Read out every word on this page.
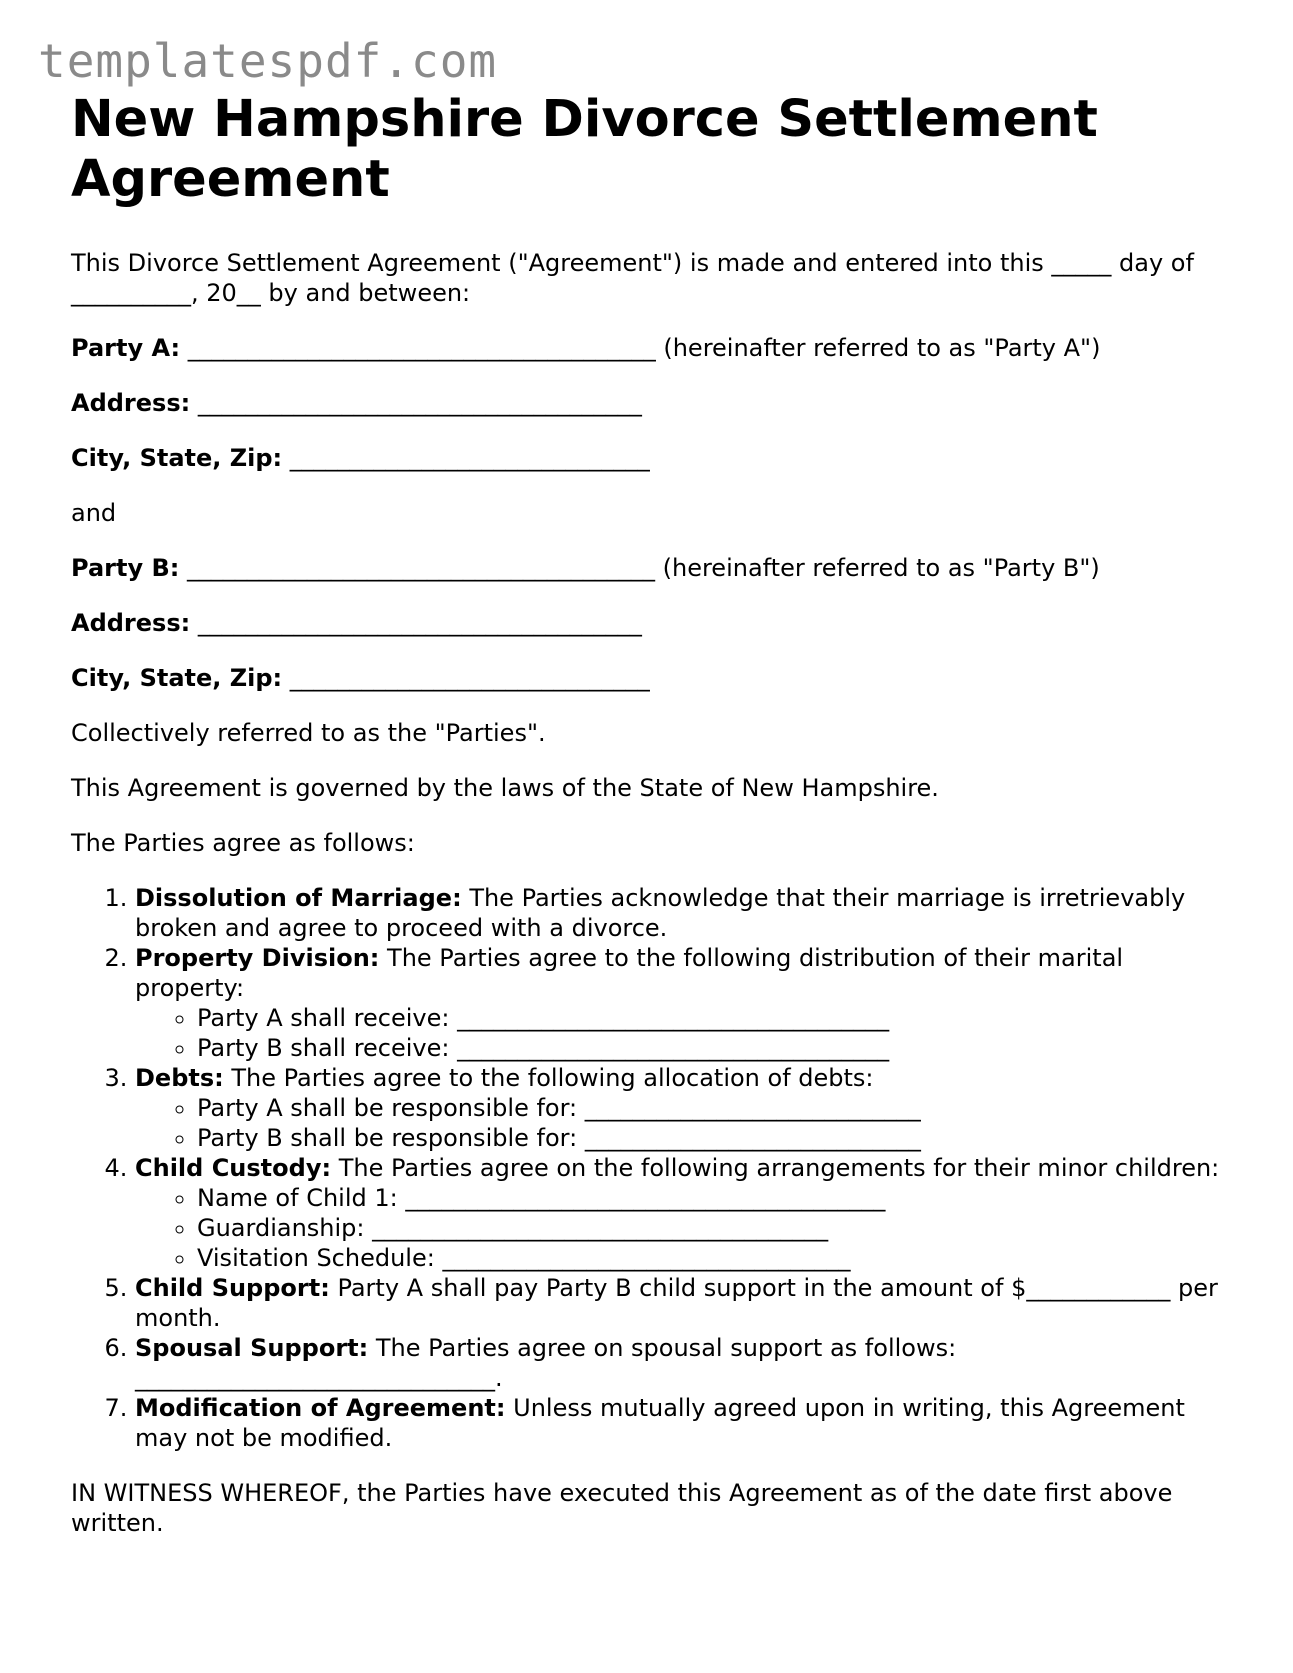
templatespdf.com
New Hampshire Divorce Settlement Agreement

This Divorce Settlement Agreement ("Agreement") is made and entered into this _____ day of __________, 20__ by and between:

Party A: _______________________________________ (hereinafter referred to as "Party A")

Address: _____________________________________

City, State, Zip: ______________________________

and

Party B: _______________________________________ (hereinafter referred to as "Party B")

Address: _____________________________________

City, State, Zip: ______________________________

Collectively referred to as the "Parties".

This Agreement is governed by the laws of the State of New Hampshire.

The Parties agree as follows:

1. Dissolution of Marriage: The Parties acknowledge that their marriage is irretrievably broken and agree to proceed with a divorce.
2. Property Division: The Parties agree to the following distribution of their marital property:
◦ Party A shall receive: ____________________________________
◦ Party B shall receive: ____________________________________
3. Debts: The Parties agree to the following allocation of debts:
◦ Party A shall be responsible for: ____________________________
◦ Party B shall be responsible for: ____________________________
4. Child Custody: The Parties agree on the following arrangements for their minor children:
◦ Name of Child 1: ________________________________________
◦ Guardianship: ______________________________________
◦ Visitation Schedule: __________________________________
5. Child Support: Party A shall pay Party B child support in the amount of $____________ per month.
6. Spousal Support: The Parties agree on spousal support as follows: ______________________________.
7. Modification of Agreement: Unless mutually agreed upon in writing, this Agreement may not be modified.

IN WITNESS WHEREOF, the Parties have executed this Agreement as of the date first above written.
